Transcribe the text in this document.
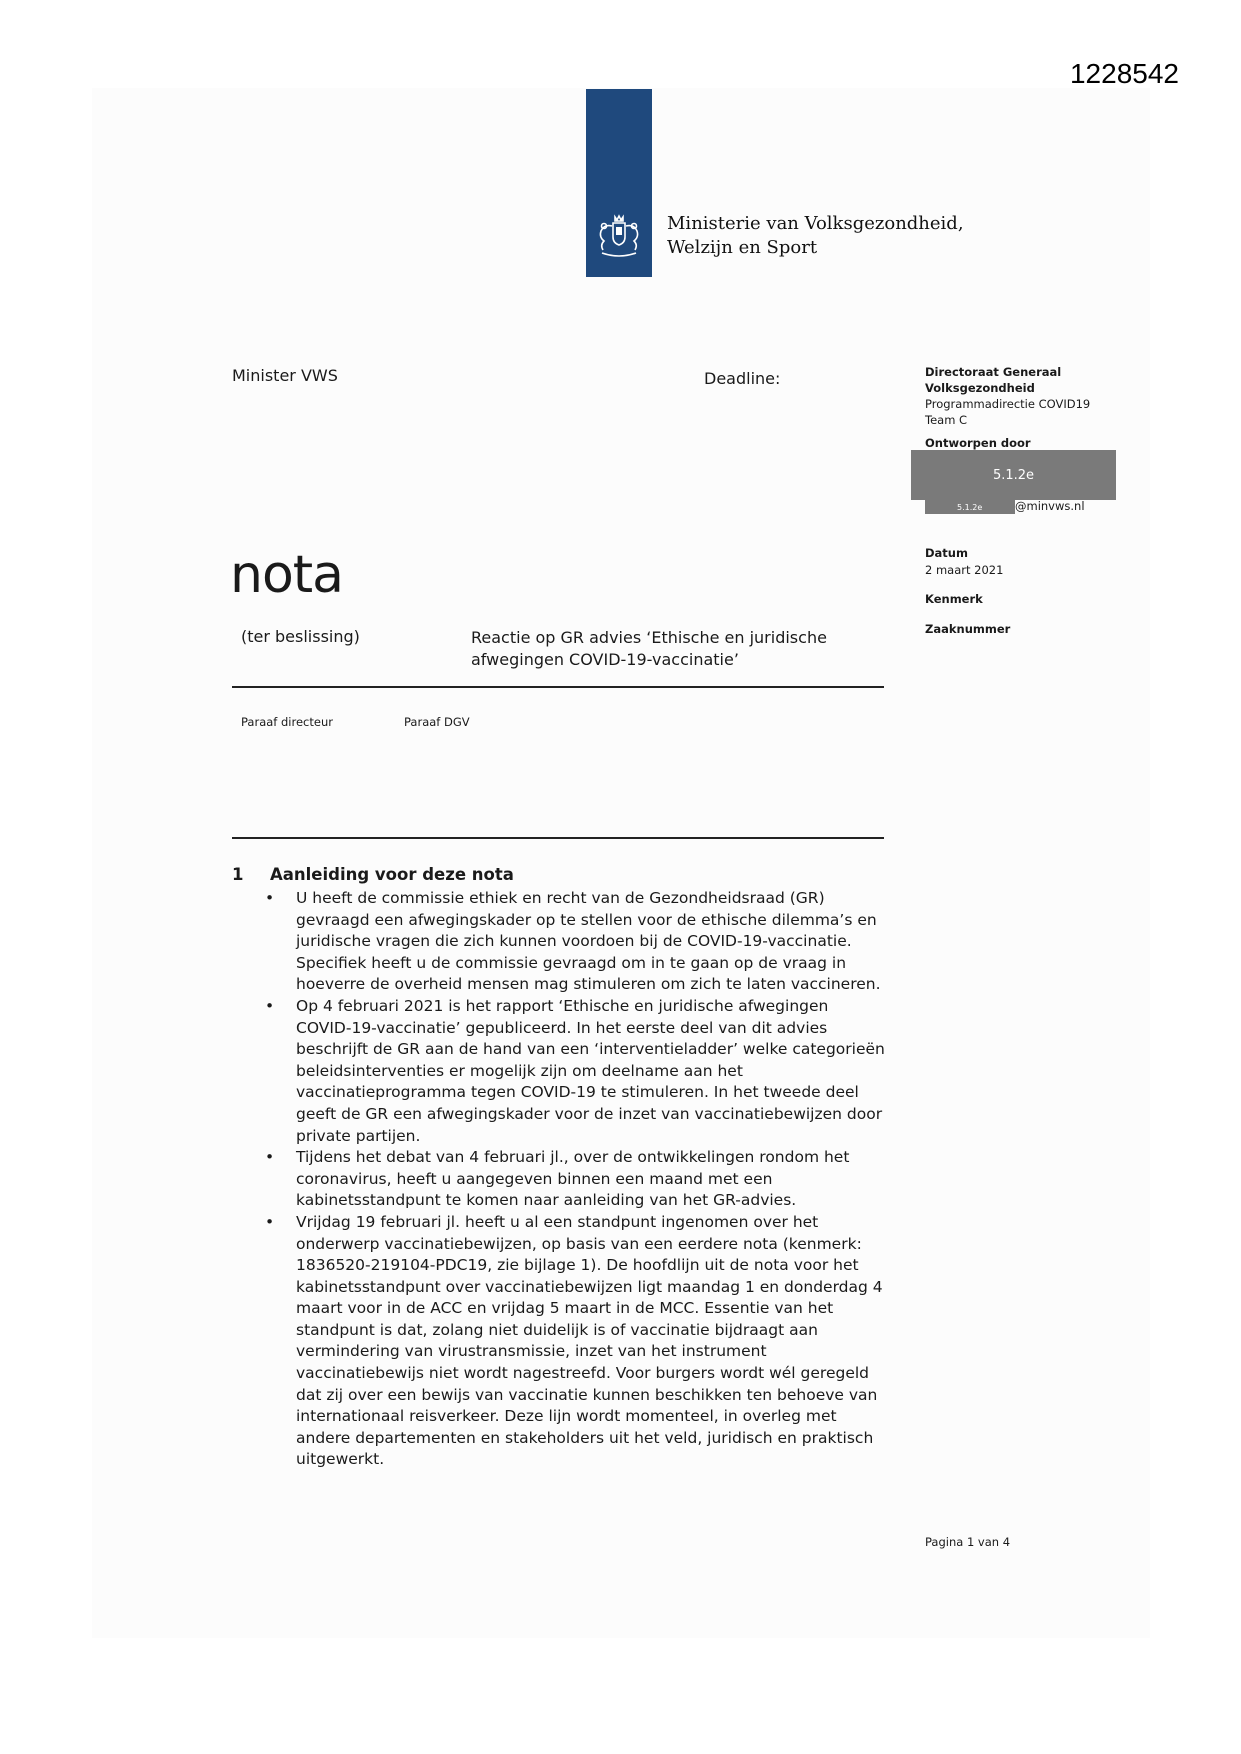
1228542
Ministerie van Volksgezondheid,
Welzijn en Sport
Minister VWS	Deadline:	Directoraat Generaal
Volksgezondheid
Programmadirectie COVID19
Team C
Ontworpen door
Datum
2 maart 2021
Kenmerk
Zaaknummer
5.1.2e
5.1.2e	@minvws.nl
nota
(ter beslissing)	Reactie op GR advies ‘Ethische en juridische
afwegingen COVID-19-vaccinatie’
Paraaf directeur	Paraaf DGV
1 Aanleiding voor deze nota
• U heeft de commissie ethiek en recht van de Gezondheidsraad (GR)
gevraagd een afwegingskader op te stellen voor de ethische dilemma’s en
juridische vragen die zich kunnen voordoen bij de COVID-19-vaccinatie.
Specifiek heeft u de commissie gevraagd om in te gaan op de vraag in
hoeverre de overheid mensen mag stimuleren om zich te laten vaccineren.
• Op 4 februari 2021 is het rapport ‘Ethische en juridische afwegingen
COVID-19-vaccinatie’ gepubliceerd. In het eerste deel van dit advies
beschrijft de GR aan de hand van een ‘interventieladder’ welke categorieën
beleidsinterventies er mogelijk zijn om deelname aan het
vaccinatieprogramma tegen COVID-19 te stimuleren. In het tweede deel
geeft de GR een afwegingskader voor de inzet van vaccinatiebewijzen door
private partijen.
• Tijdens het debat van 4 februari jl., over de ontwikkelingen rondom het
coronavirus, heeft u aangegeven binnen een maand met een
kabinetsstandpunt te komen naar aanleiding van het GR-advies.
• Vrijdag 19 februari jl. heeft u al een standpunt ingenomen over het
onderwerp vaccinatiebewijzen, op basis van een eerdere nota (kenmerk:
1836520-219104-PDC19, zie bijlage 1). De hoofdlijn uit de nota voor het
kabinetsstandpunt over vaccinatiebewijzen ligt maandag 1 en donderdag 4
maart voor in de ACC en vrijdag 5 maart in de MCC. Essentie van het
standpunt is dat, zolang niet duidelijk is of vaccinatie bijdraagt aan
vermindering van virustransmissie, inzet van het instrument
vaccinatiebewijs niet wordt nagestreefd. Voor burgers wordt wél geregeld
dat zij over een bewijs van vaccinatie kunnen beschikken ten behoeve van
internationaal reisverkeer. Deze lijn wordt momenteel, in overleg met
andere departementen en stakeholders uit het veld, juridisch en praktisch
uitgewerkt.
Pagina 1 van 4
